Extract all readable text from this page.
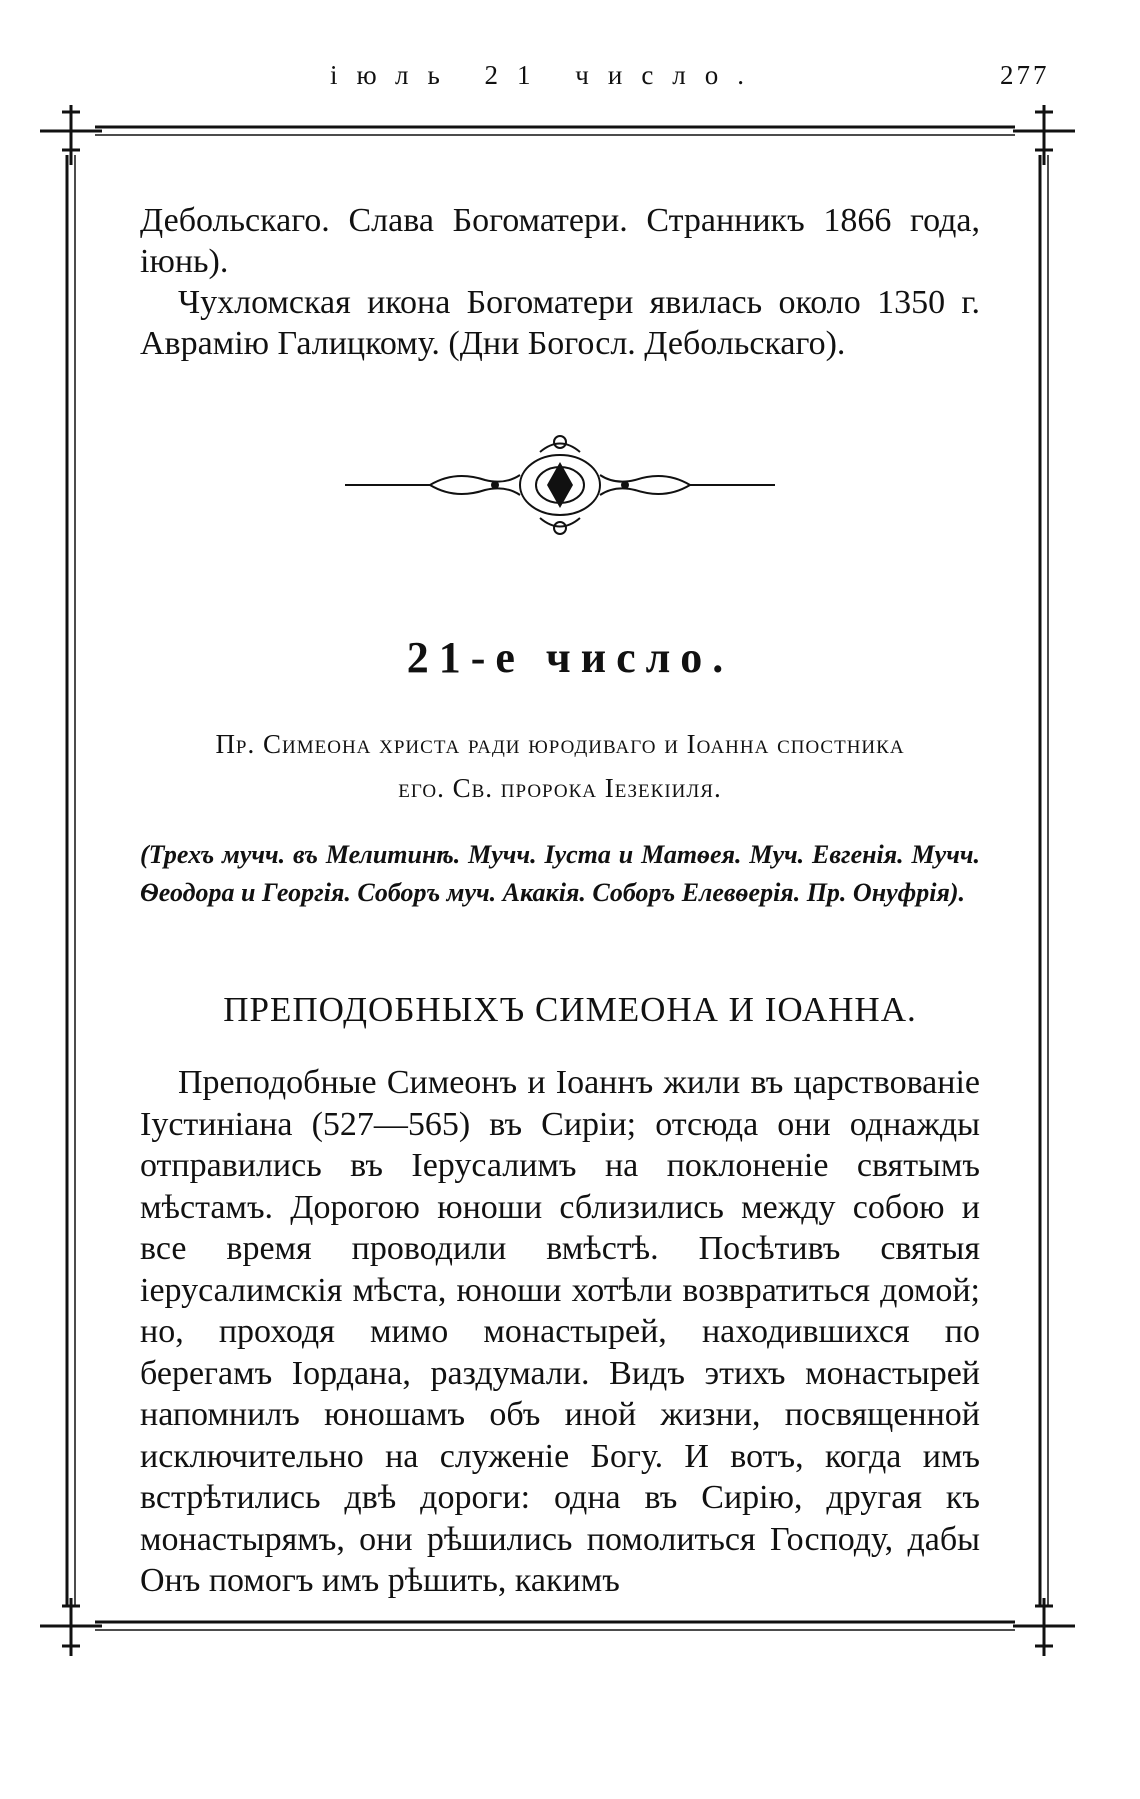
іюль 21 число.	277

Дебольскаго. Слава Богоматери. Странникъ 1866 года, іюнь).

Чухломская икона Богоматери явилась около 1350 г. Аврамію Галицкому. (Дни Богосл. Дебольскаго).

21-е число.
Пр. Симеона христа ради юродиваго и Іоанна спостника
его. Св. пророка Іезекіиля.
(Трехъ мучч. въ Мелитинѣ. Мучч. Іуста и Матѳея. Муч. Евгенія. Мучч. Ѳеодора и Георгія. Соборъ муч. Акакія. Соборъ Елевѳерія. Пр. Онуфрія).
ПРЕПОДОБНЫХЪ СИМЕОНА И ІОАННА.

Преподобные Симеонъ и Іоаннъ жили въ царствованіе Іустиніана (527—565) въ Сиріи; отсюда они однажды отправились въ Іерусалимъ на поклоненіе святымъ мѣстамъ. Дорогою юноши сблизились между собою и все время проводили вмѣстѣ. Посѣтивъ святыя іерусалимскія мѣста, юноши хотѣли возвратиться домой; но, проходя мимо монастырей, находившихся по берегамъ Іордана, раздумали. Видъ этихъ монастырей напомнилъ юношамъ объ иной жизни, посвященной исключительно на служеніе Богу. И вотъ, когда имъ встрѣтились двѣ дороги: одна въ Сирію, другая къ монастырямъ, они рѣшились помолиться Господу, дабы Онъ помогъ имъ рѣшить, какимъ
